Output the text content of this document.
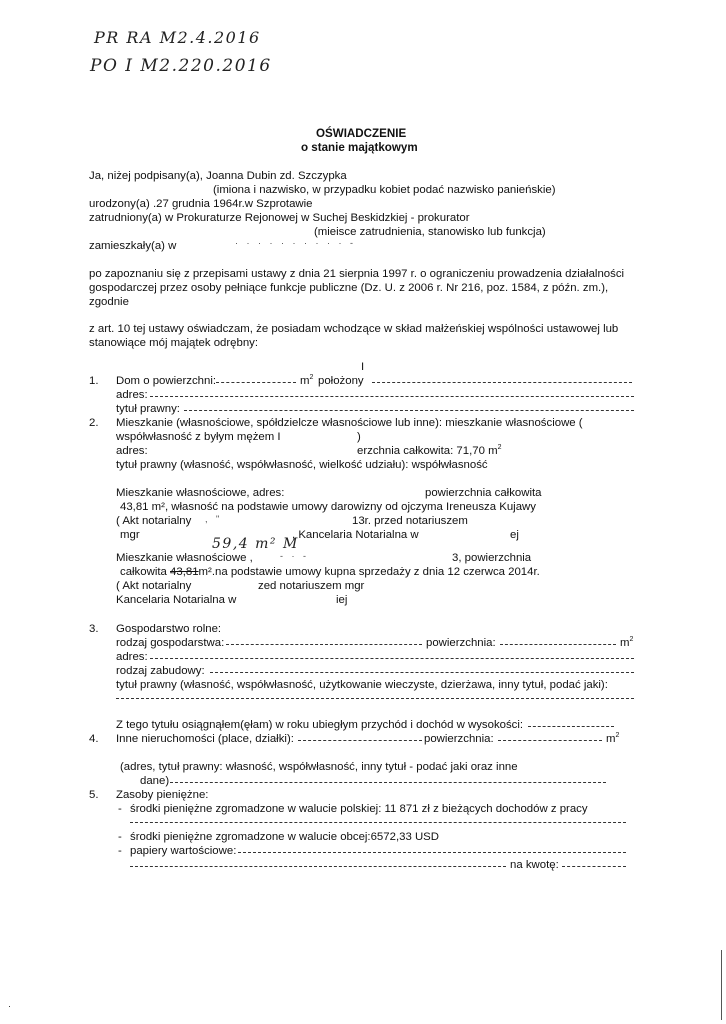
PR RA M2.4.2016
PO I M2.220.2016
OŚWIADCZENIE
o stanie majątkowym
Ja, niżej podpisany(a), Joanna Dubin zd. Szczypka
(imiona i nazwisko, w przypadku kobiet podać nazwisko panieńskie)
urodzony(a) .27 grudnia 1964r.w Szprotawie
zatrudniony(a) w Prokuraturze Rejonowej w Suchej Beskidzkiej - prokurator
(mieisce zatrudnienia, stanowisko lub funkcja)
zamieszkały(a) w	· · · · · · · · · · -
po zapoznaniu się z przepisami ustawy z dnia 21 sierpnia 1997 r. o ograniczeniu prowadzenia działalności
gospodarczej przez osoby pełniące funkcje publiczne (Dz. U. z 2006 r. Nr 216, poz. 1584, z późn. zm.),
zgodnie
z art. 10 tej ustawy oświadczam, że posiadam wchodzące w skład małżeńskiej wspólności ustawowej lub
stanowiące mój majątek odrębny:
I
1. Dom o powierzchni:	$m^2$ położony
adres:
tytuł prawny:
2. Mieszkanie (własnościowe, spółdzielcze własnościowe lub inne): mieszkanie własnościowe (
współwłasność z byłym mężem I	)
adres:	erzchnia całkowita: 71,70 $m^2$
tytuł prawny (własność, współwłasność, wielkość udziału): współwłasność
Mieszkanie własnościowe, adres:	powierzchnia całkowita
43,81 m², własność na podstawie umowy darowizny od ojczyma Ireneusza Kujawy
( Akt notarialny , "	13r. przed notariuszem
mgr	, Kancelaria Notarialna w	ej
59,4 m² M
Mieszkanie własnościowe ,	- · -	3, powierzchnia
całkowita 43,81m².na podstawie umowy kupna sprzedaży z dnia 12 czerwca 2014r.
( Akt notarialny	zed notariuszem mgr
Kancelaria Notarialna w	iej
3. Gospodarstwo rolne:
rodzaj gospodarstwa:	powierzchnia:	$m^2$
adres:
rodzaj zabudowy:
tytuł prawny (własność, współwłasność, użytkowanie wieczyste, dzierżawa, inny tytuł, podać jaki):
Z tego tytułu osiągnąłem(ęłam) w roku ubiegłym przychód i dochód w wysokości:
4. Inne nieruchomości (place, działki):	powierzchnia:	$m^2$
(adres, tytuł prawny: własność, współwłasność, inny tytuł - podać jaki oraz inne
dane)
5. Zasoby pieniężne:
- środki pieniężne zgromadzone w walucie polskiej: 11 871 zł z bieżących dochodów z pracy
- środki pieniężne zgromadzone w walucie obcej:6572,33 USD
- papiery wartościowe:
na kwotę:
·
